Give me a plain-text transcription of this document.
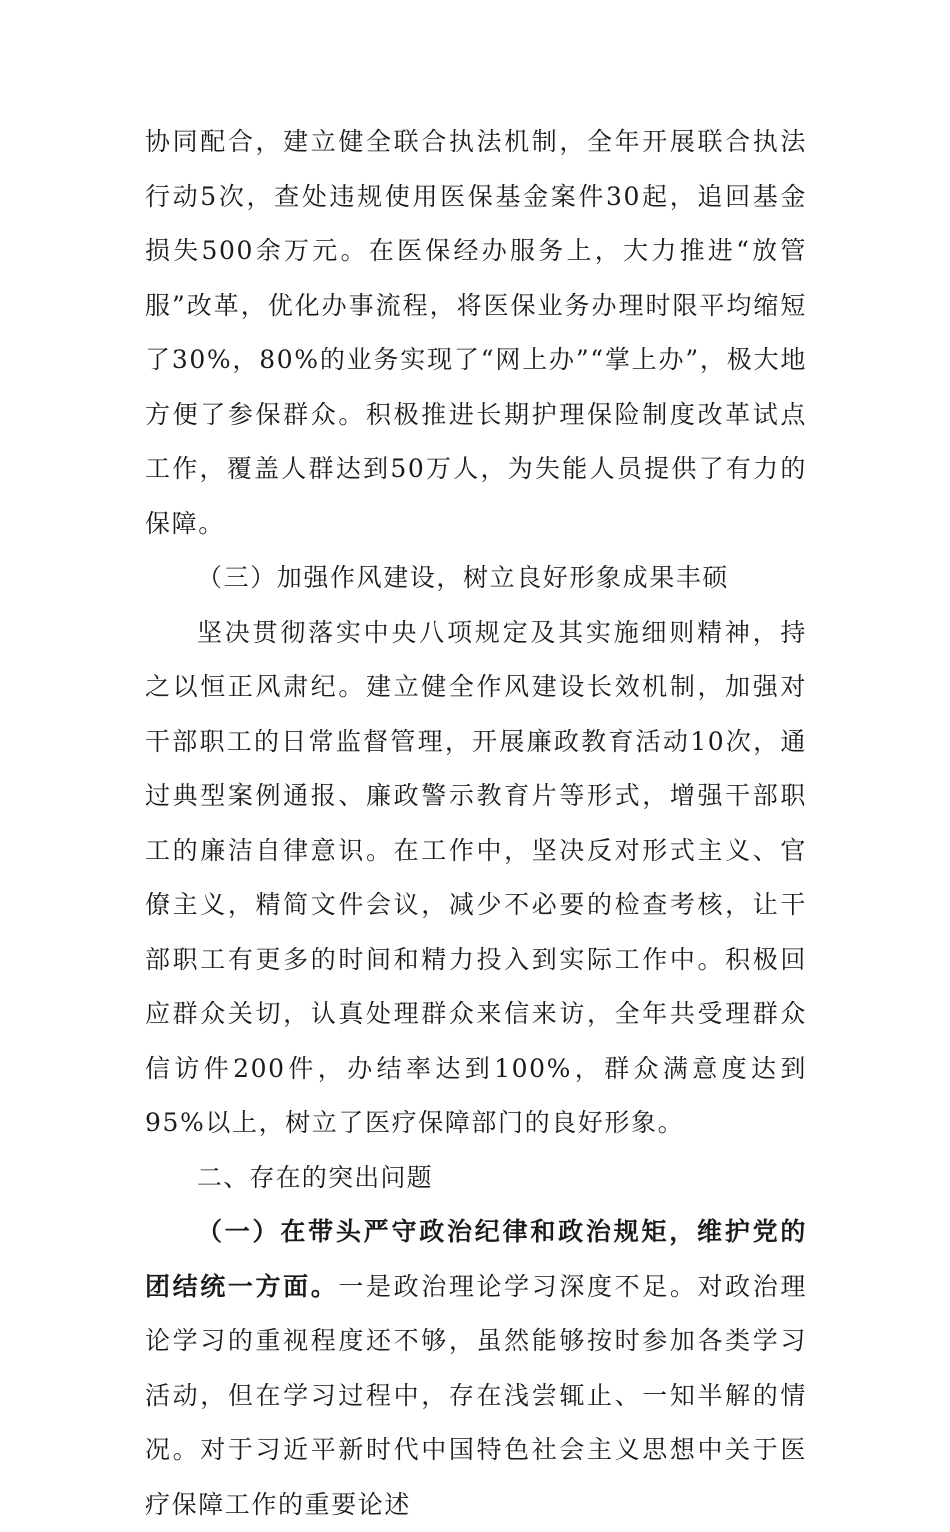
协同配合，建立健全联合执法机制，全年开展联合执法行动5次，查处违规使用医保基金案件30起，追回基金损失500余万元。在医保经办服务上，大力推进“放管服”改革，优化办事流程，将医保业务办理时限平均缩短了30%，80%的业务实现了“网上办”“掌上办”，极大地方便了参保群众。积极推进长期护理保险制度改革试点工作，覆盖人群达到50万人，为失能人员提供了有力的保障。

（三）加强作风建设，树立良好形象成果丰硕

坚决贯彻落实中央八项规定及其实施细则精神，持之以恒正风肃纪。建立健全作风建设长效机制，加强对干部职工的日常监督管理，开展廉政教育活动10次，通过典型案例通报、廉政警示教育片等形式，增强干部职工的廉洁自律意识。在工作中，坚决反对形式主义、官僚主义，精简文件会议，减少不必要的检查考核，让干部职工有更多的时间和精力投入到实际工作中。积极回应群众关切，认真处理群众来信来访，全年共受理群众信访件200件，办结率达到100%，群众满意度达到95%以上，树立了医疗保障部门的良好形象。

二、存在的突出问题

（一）在带头严守政治纪律和政治规矩，维护党的团结统一方面。一是政治理论学习深度不足。对政治理论学习的重视程度还不够，虽然能够按时参加各类学习活动，但在学习过程中，存在浅尝辄止、一知半解的情况。对于习近平新时代中国特色社会主义思想中关于医疗保障工作的重要论述
